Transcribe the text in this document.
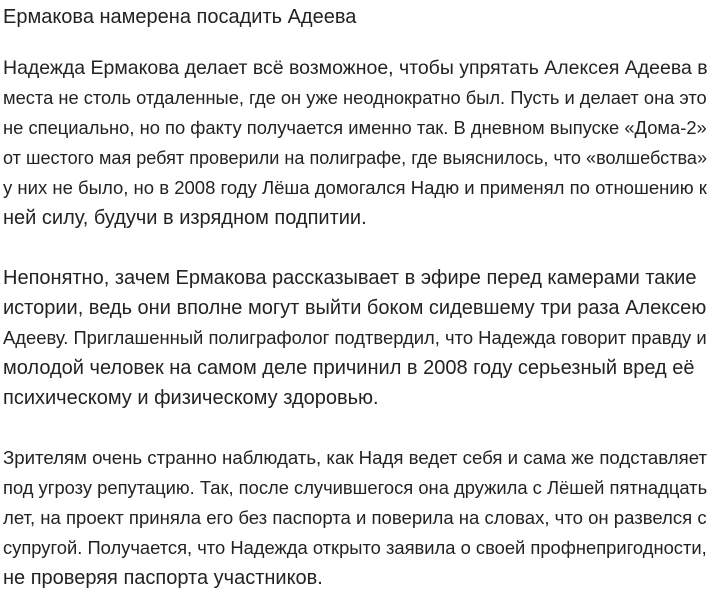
Ермакова намерена посадить Адеева

Надежда Ермакова делает всё возможное, чтобы упрятать Алексея Адеева в
места не столь отдаленные, где он уже неоднократно был. Пусть и делает она это
не специально, но по факту получается именно так. В дневном выпуске «Дома-2»
от шестого мая ребят проверили на полиграфе, где выяснилось, что «волшебства»
у них не было, но в 2008 году Лёша домогался Надю и применял по отношению к
ней силу, будучи в изрядном подпитии.

Непонятно, зачем Ермакова рассказывает в эфире перед камерами такие
истории, ведь они вполне могут выйти боком сидевшему три раза Алексею
Адееву. Приглашенный полиграфолог подтвердил, что Надежда говорит правду и
молодой человек на самом деле причинил в 2008 году серьезный вред её
психическому и физическому здоровью.

Зрителям очень странно наблюдать, как Надя ведет себя и сама же подставляет
под угрозу репутацию. Так, после случившегося она дружила с Лёшей пятнадцать
лет, на проект приняла его без паспорта и поверила на словах, что он развелся с
супругой. Получается, что Надежда открыто заявила о своей профнепригодности,
не проверяя паспорта участников.
